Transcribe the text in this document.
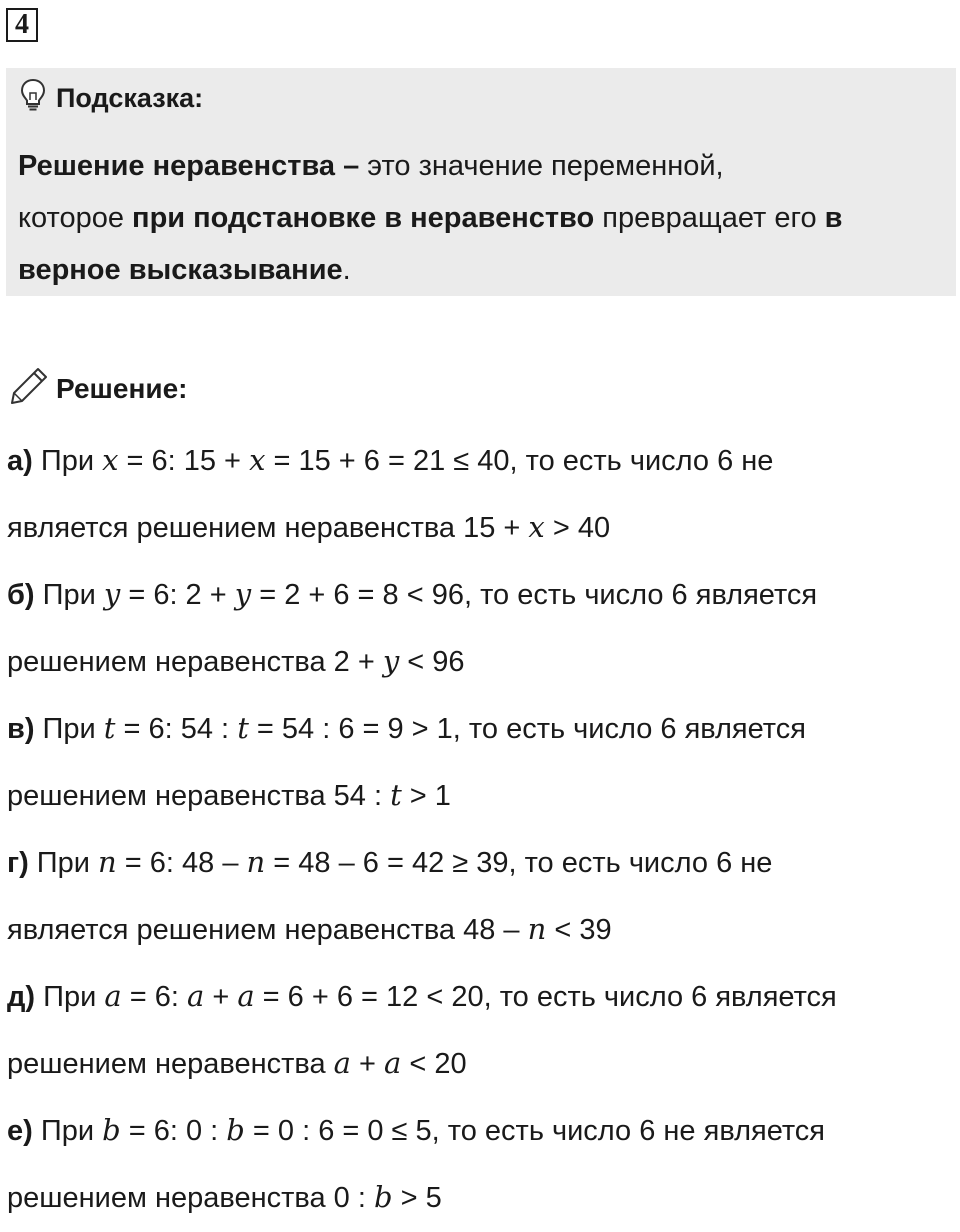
4
Подсказка:

Решение неравенства – это значение переменной,
которое при подстановке в неравенство превращает его в верное высказывание.

Решение:
а) При x = 6: 15 + x = 15 + 6 = 21 ≤ 40, то есть число 6 не
является решением неравенства 15 + x > 40
б) При y = 6: 2 + y = 2 + 6 = 8 < 96, то есть число 6 является
решением неравенства 2 + y < 96
в) При t = 6: 54 : t = 54 : 6 = 9 > 1, то есть число 6 является
решением неравенства 54 : t > 1
г) При n = 6: 48 – n = 48 – 6 = 42 ≥ 39, то есть число 6 не
является решением неравенства 48 – n < 39
д) При a = 6: a + a = 6 + 6 = 12 < 20, то есть число 6 является
решением неравенства a + a < 20
е) При b = 6: 0 : b = 0 : 6 = 0 ≤ 5, то есть число 6 не является
решением неравенства 0 : b > 5
